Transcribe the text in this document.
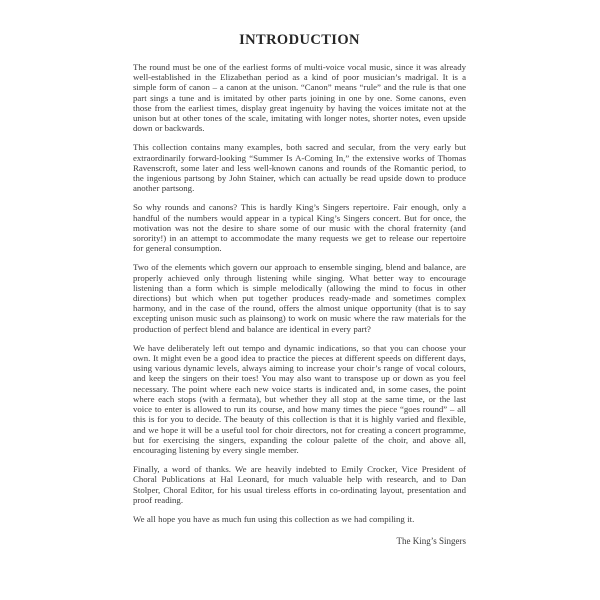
INTRODUCTION

The round must be one of the earliest forms of multi-voice vocal music, since it was already well-established in the Elizabethan period as a kind of poor musician’s madrigal. It is a simple form of canon – a canon at the unison. “Canon” means “rule” and the rule is that one part sings a tune and is imitated by other parts joining in one by one. Some canons, even those from the earliest times, display great ingenuity by having the voices imitate not at the unison but at other tones of the scale, imitating with longer notes, shorter notes, even upside down or backwards.

This collection contains many examples, both sacred and secular, from the very early but extraordinarily forward-looking “Summer Is A-Coming In,” the extensive works of Thomas Ravenscroft, some later and less well-known canons and rounds of the Romantic period, to the ingenious partsong by John Stainer, which can actually be read upside down to produce another partsong.

So why rounds and canons? This is hardly King’s Singers repertoire. Fair enough, only a handful of the numbers would appear in a typical King’s Singers concert. But for once, the motivation was not the desire to share some of our music with the choral fraternity (and sorority!) in an attempt to accommodate the many requests we get to release our repertoire for general consumption.

Two of the elements which govern our approach to ensemble singing, blend and balance, are properly achieved only through listening while singing. What better way to encourage listening than a form which is simple melodically (allowing the mind to focus in other directions) but which when put together produces ready-made and sometimes complex harmony, and in the case of the round, offers the almost unique opportunity (that is to say excepting unison music such as plainsong) to work on music where the raw materials for the production of perfect blend and balance are identical in every part?

We have deliberately left out tempo and dynamic indications, so that you can choose your own. It might even be a good idea to practice the pieces at different speeds on different days, using various dynamic levels, always aiming to increase your choir’s range of vocal colours, and keep the singers on their toes! You may also want to transpose up or down as you feel necessary. The point where each new voice starts is indicated and, in some cases, the point where each stops (with a fermata), but whether they all stop at the same time, or the last voice to enter is allowed to run its course, and how many times the piece “goes round” – all this is for you to decide. The beauty of this collection is that it is highly varied and flexible, and we hope it will be a useful tool for choir directors, not for creating a concert programme, but for exercising the singers, expanding the colour palette of the choir, and above all, encouraging listening by every single member.

Finally, a word of thanks. We are heavily indebted to Emily Crocker, Vice President of Choral Publications at Hal Leonard, for much valuable help with research, and to Dan Stolper, Choral Editor, for his usual tireless efforts in co-ordinating layout, presentation and proof reading.

We all hope you have as much fun using this collection as we had compiling it.

The King’s Singers
